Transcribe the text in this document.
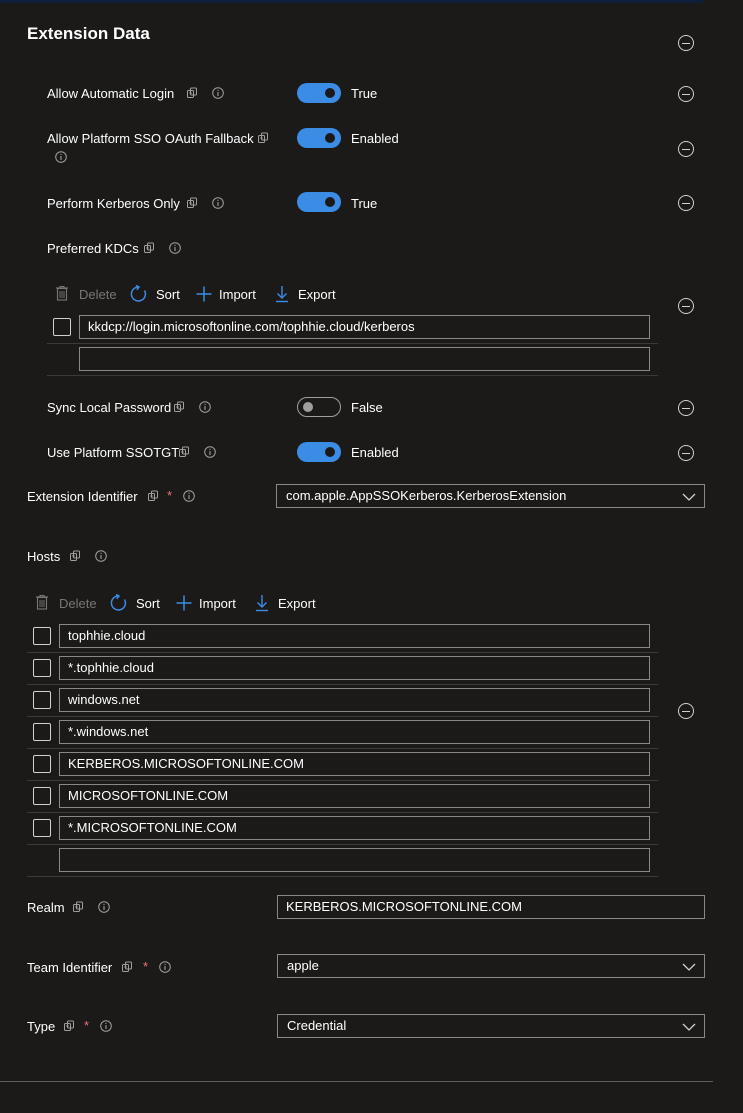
Extension Data
Allow Automatic Login	True
Allow Platform SSO OAuth Fallback	Enabled
Perform Kerberos Only	True
Preferred KDCs
Sync Local Password	False
Use Platform SSOTGT	Enabled
Delete	Sort	Import	Export
kkdcp://login.microsoftonline.com/tophhie.cloud/kerberos
Extension Identifier *	com.apple.AppSSOKerberos.KerberosExtension
Hosts
Delete	Sort	Import	Export
tophhie.cloud
*.tophhie.cloud
windows.net
*.windows.net
KERBEROS.MICROSOFTONLINE.COM
MICROSOFTONLINE.COM
*.MICROSOFTONLINE.COM
Realm	KERBEROS.MICROSOFTONLINE.COM
Team Identifier *	apple
Type *	Credential
